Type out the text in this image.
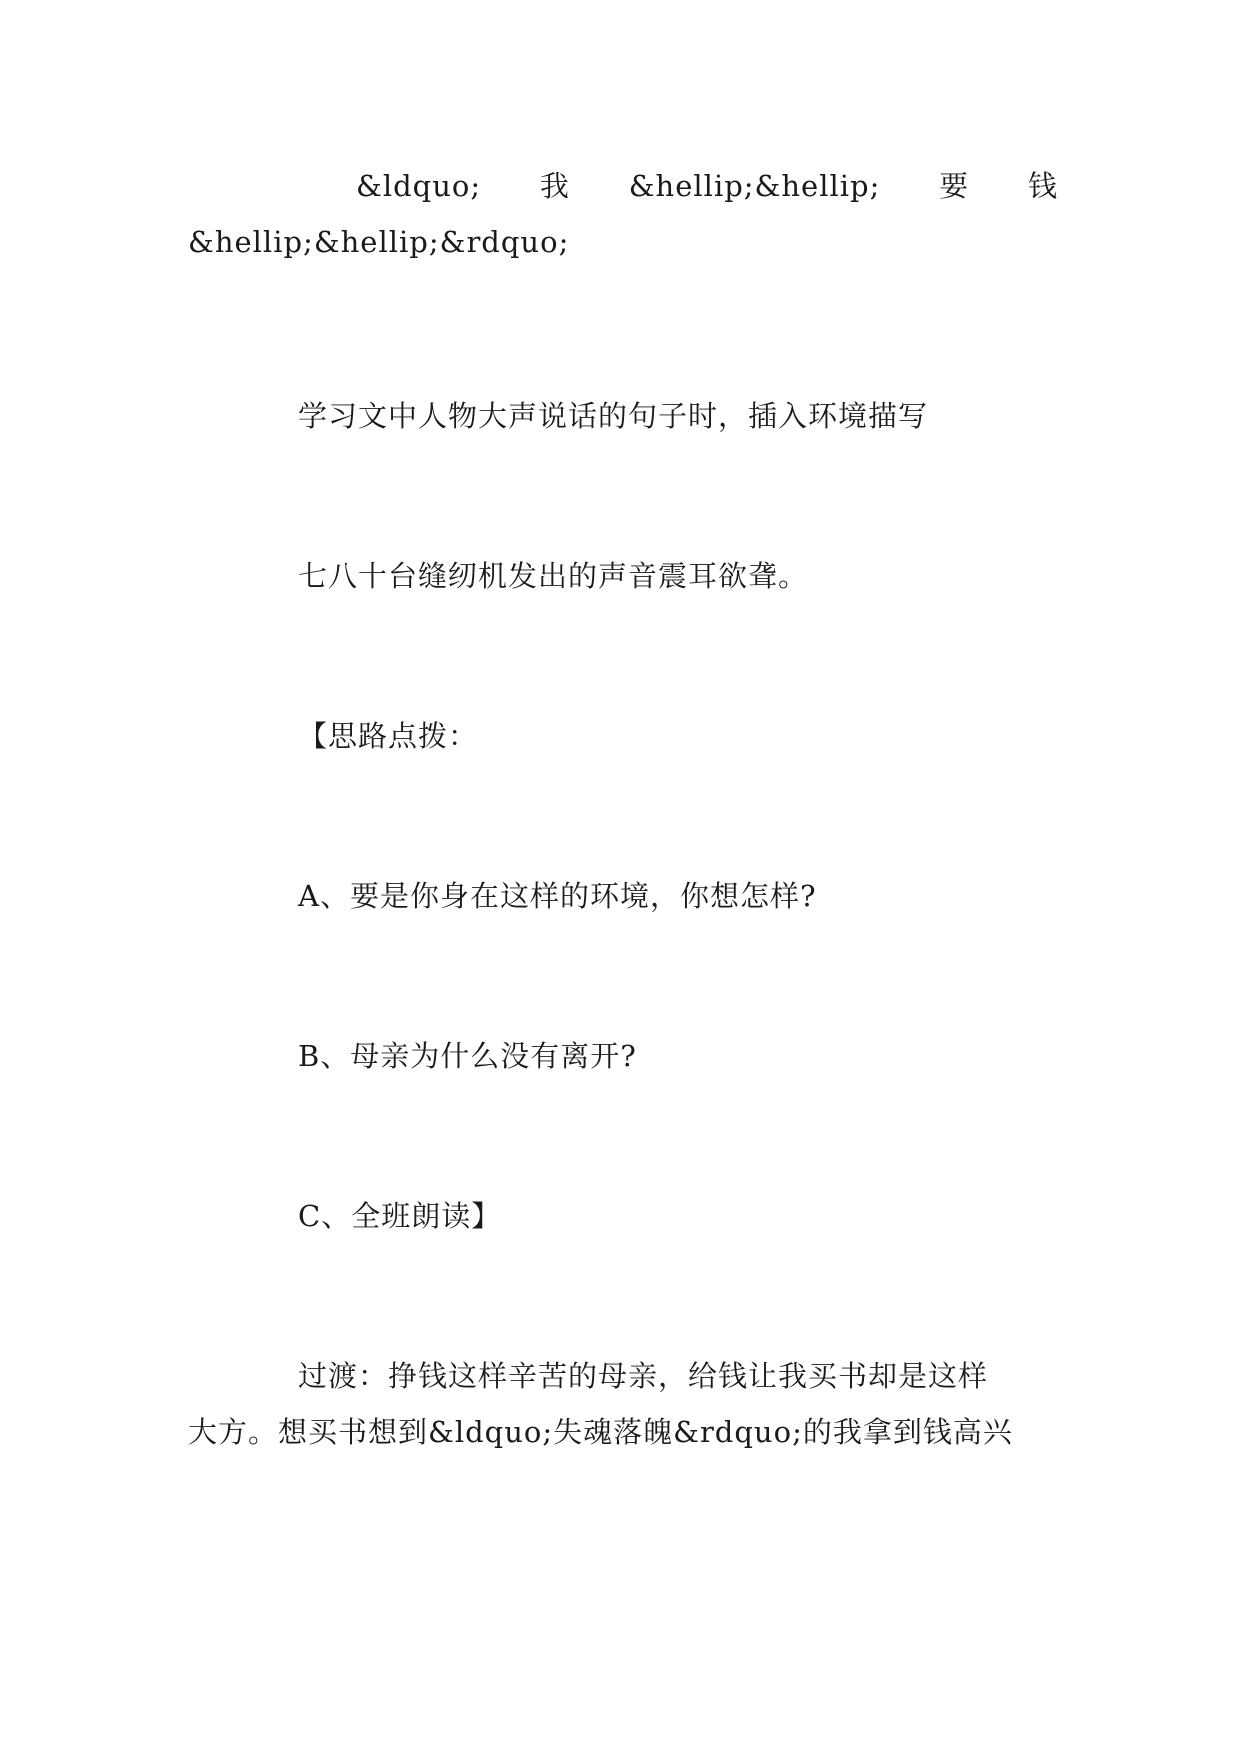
&ldquo; 我 &hellip;&hellip; 要 钱
&hellip;&hellip;&rdquo;
学习文中人物大声说话的句子时，插入环境描写
七八十台缝纫机发出的声音震耳欲聋。
【思路点拨：
A、要是你身在这样的环境，你想怎样?
B、母亲为什么没有离开?
C、全班朗读】
过渡：挣钱这样辛苦的母亲，给钱让我买书却是这样
大方。想买书想到&ldquo;失魂落魄&rdquo;的我拿到钱高兴
